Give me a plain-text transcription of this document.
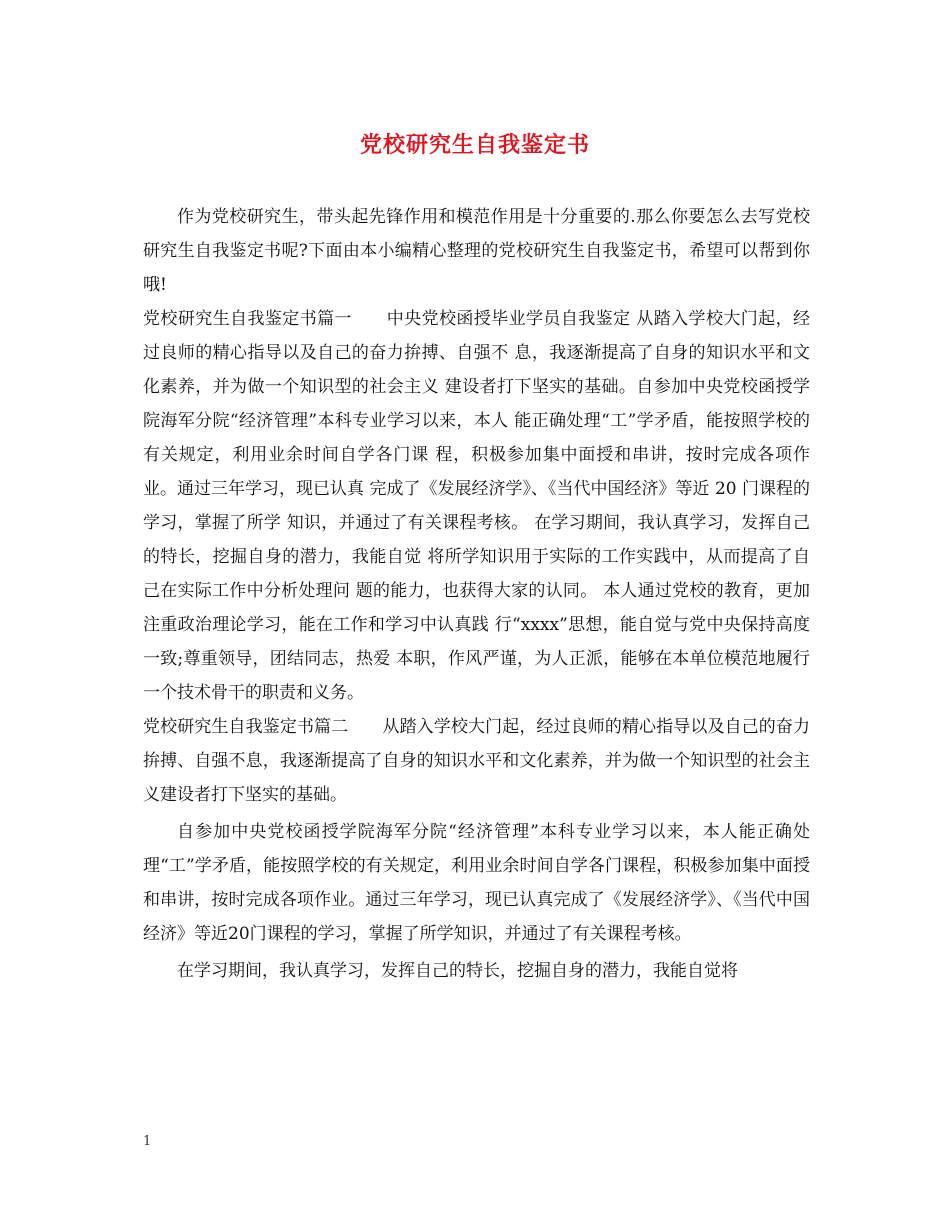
党校研究生自我鉴定书

作为党校研究生，带头起先锋作用和模范作用是十分重要的.那么你要怎么去写党校研究生自我鉴定书呢?下面由本小编精心整理的党校研究生自我鉴定书，希望可以帮到你哦!

党校研究生自我鉴定书篇一　　中央党校函授毕业学员自我鉴定 从踏入学校大门起，经过良师的精心指导以及自己的奋力拚搏、自强不 息，我逐渐提高了自身的知识水平和文化素养，并为做一个知识型的社会主义 建设者打下坚实的基础。自参加中央党校函授学院海军分院“经济管理”本科专业学习以来，本人 能正确处理“工”学矛盾，能按照学校的有关规定，利用业余时间自学各门课 程，积极参加集中面授和串讲，按时完成各项作业。通过三年学习，现已认真 完成了《发展经济学》、《当代中国经济》等近 20 门课程的学习，掌握了所学 知识，并通过了有关课程考核。 在学习期间，我认真学习，发挥自己的特长，挖掘自身的潜力，我能自觉 将所学知识用于实际的工作实践中，从而提高了自己在实际工作中分析处理问 题的能力，也获得大家的认同。 本人通过党校的教育，更加注重政治理论学习，能在工作和学习中认真践 行“xxxx”思想，能自觉与党中央保持高度一致;尊重领导，团结同志，热爱 本职，作风严谨，为人正派，能够在本单位模范地履行一个技术骨干的职责和义务。

党校研究生自我鉴定书篇二　　从踏入学校大门起，经过良师的精心指导以及自己的奋力拚搏、自强不息，我逐渐提高了自身的知识水平和文化素养，并为做一个知识型的社会主义建设者打下坚实的基础。

自参加中央党校函授学院海军分院“经济管理”本科专业学习以来，本人能正确处理“工”学矛盾，能按照学校的有关规定，利用业余时间自学各门课程，积极参加集中面授和串讲，按时完成各项作业。通过三年学习，现已认真完成了《发展经济学》、《当代中国经济》等近20门课程的学习，掌握了所学知识，并通过了有关课程考核。

在学习期间，我认真学习，发挥自己的特长，挖掘自身的潜力，我能自觉将

1
